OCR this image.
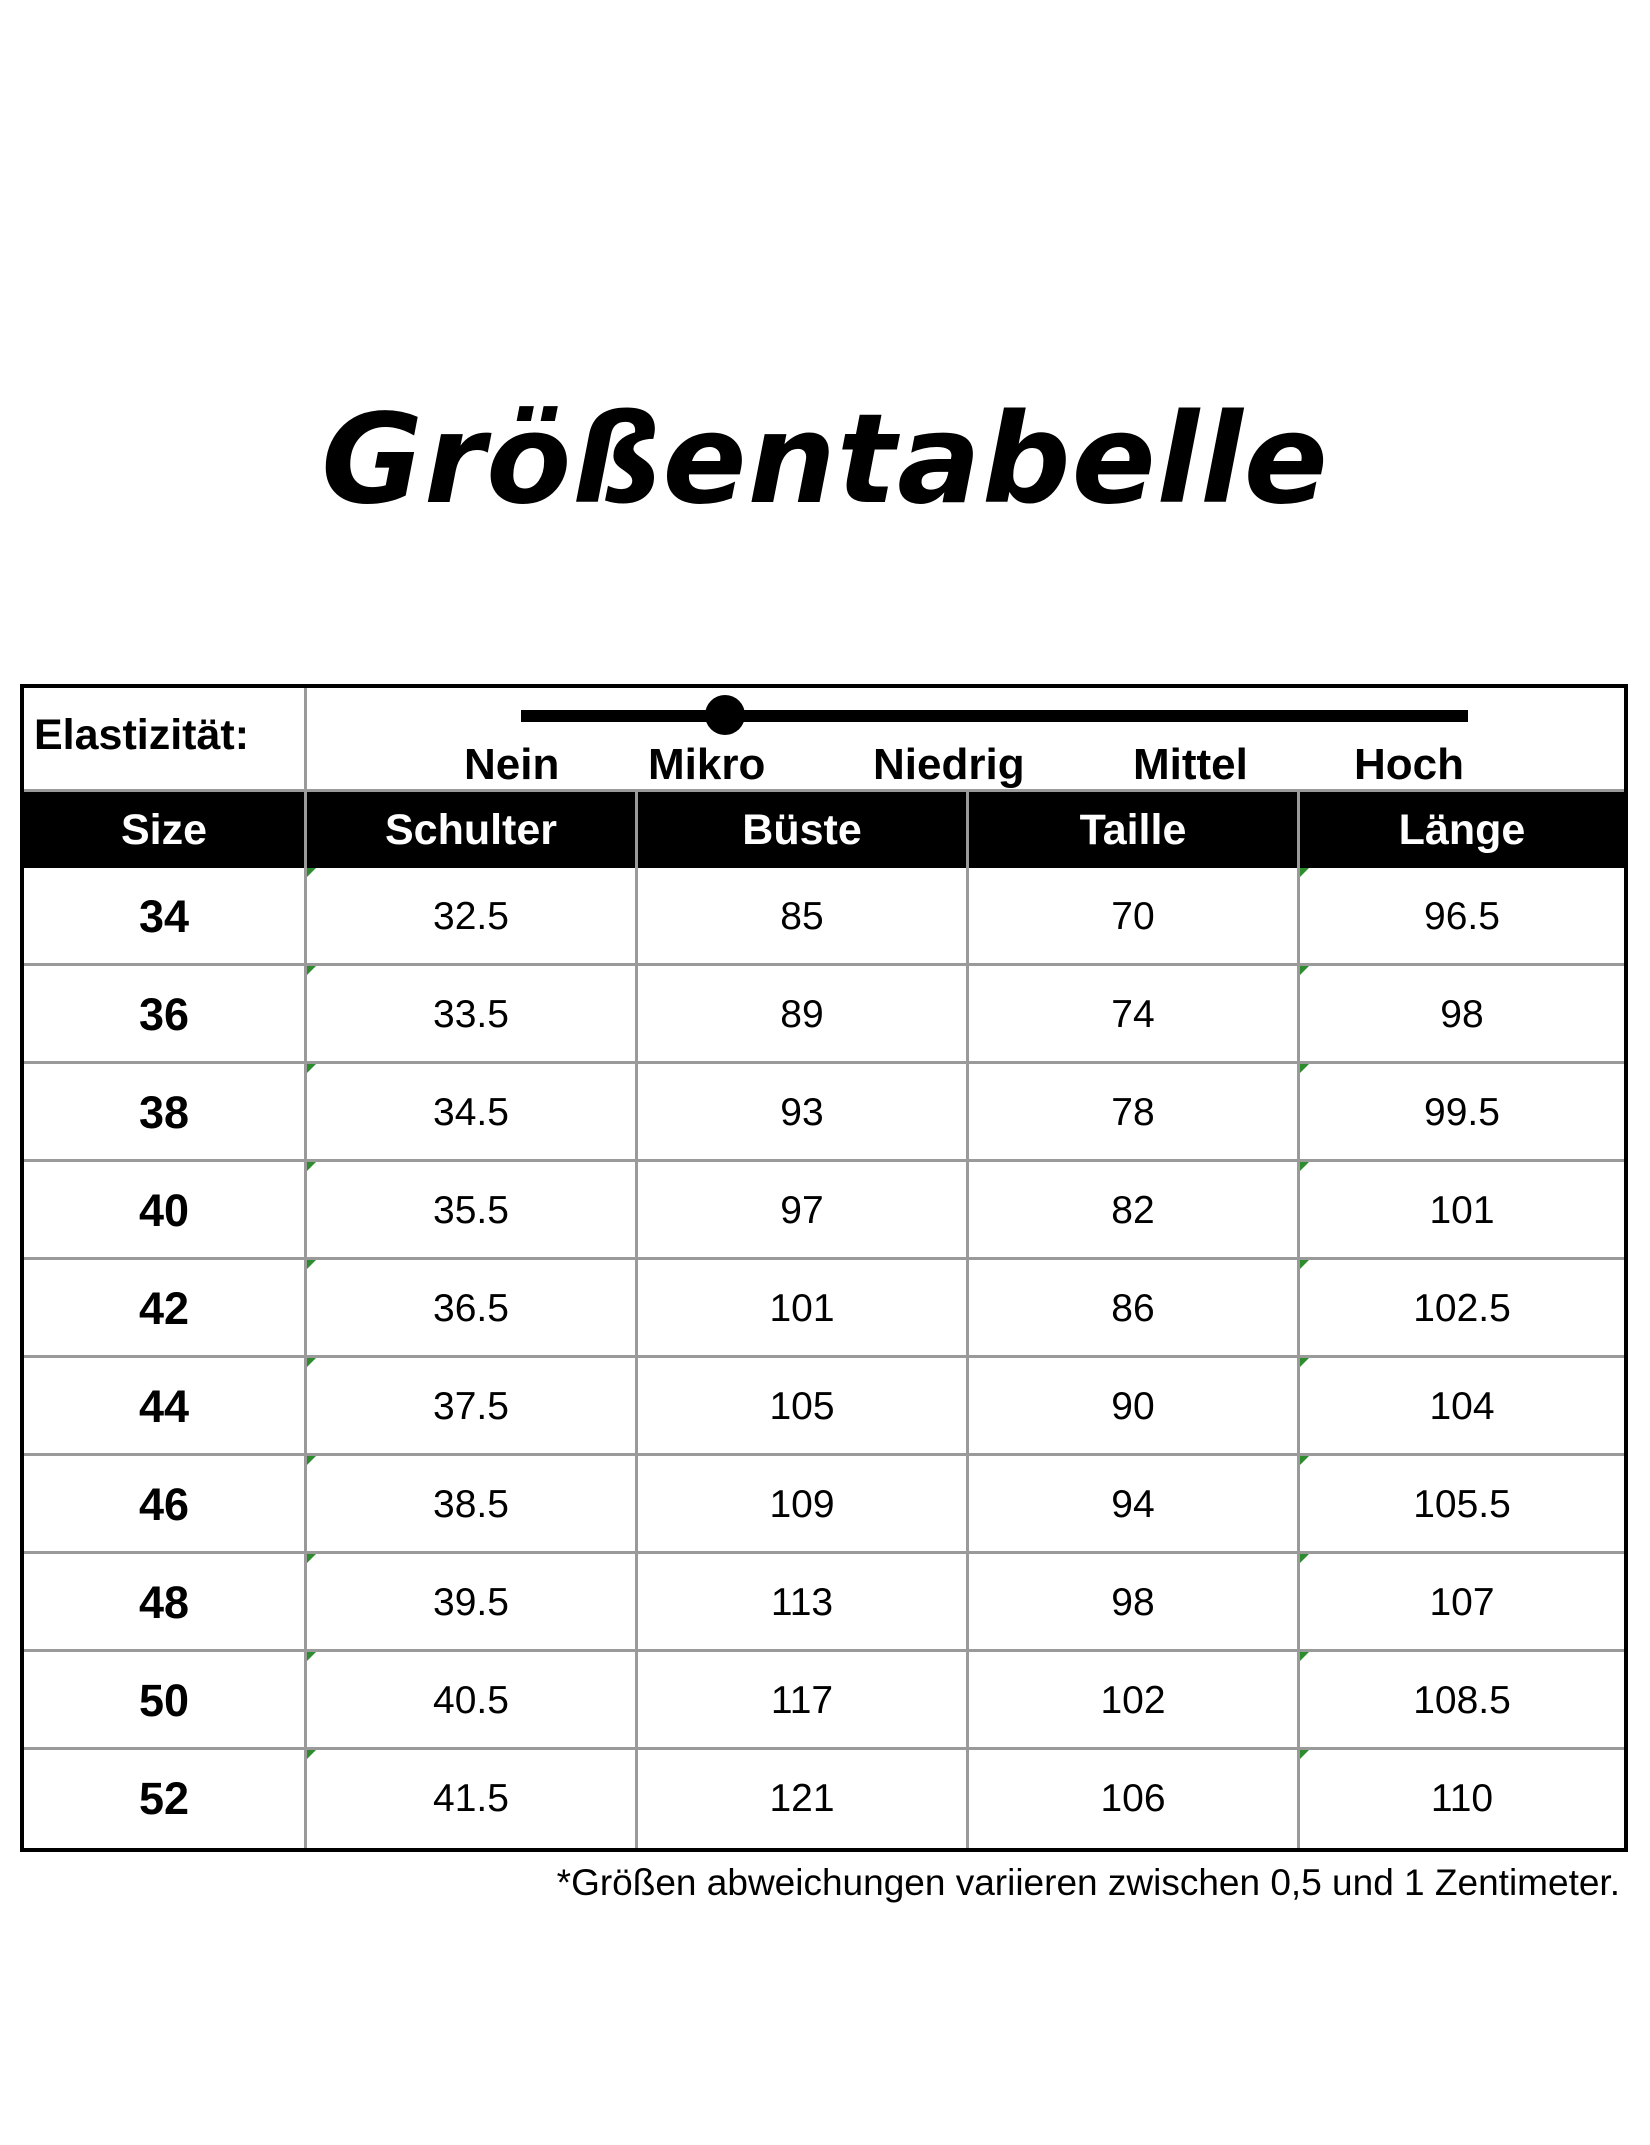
Größentabelle
Elastizität:
Nein Mikro Niedrig Mittel Hoch
Size	Schulter	Büste	Taille	Länge
34	32.5	85	70	96.5
36	33.5	89	74	98
38	34.5	93	78	99.5
40	35.5	97	82	101
42	36.5	101	86	102.5
44	37.5	105	90	104
46	38.5	109	94	105.5
48	39.5	113	98	107
50	40.5	117	102	108.5
52	41.5	121	106	110
*Größen abweichungen variieren zwischen 0,5 und 1 Zentimeter.
